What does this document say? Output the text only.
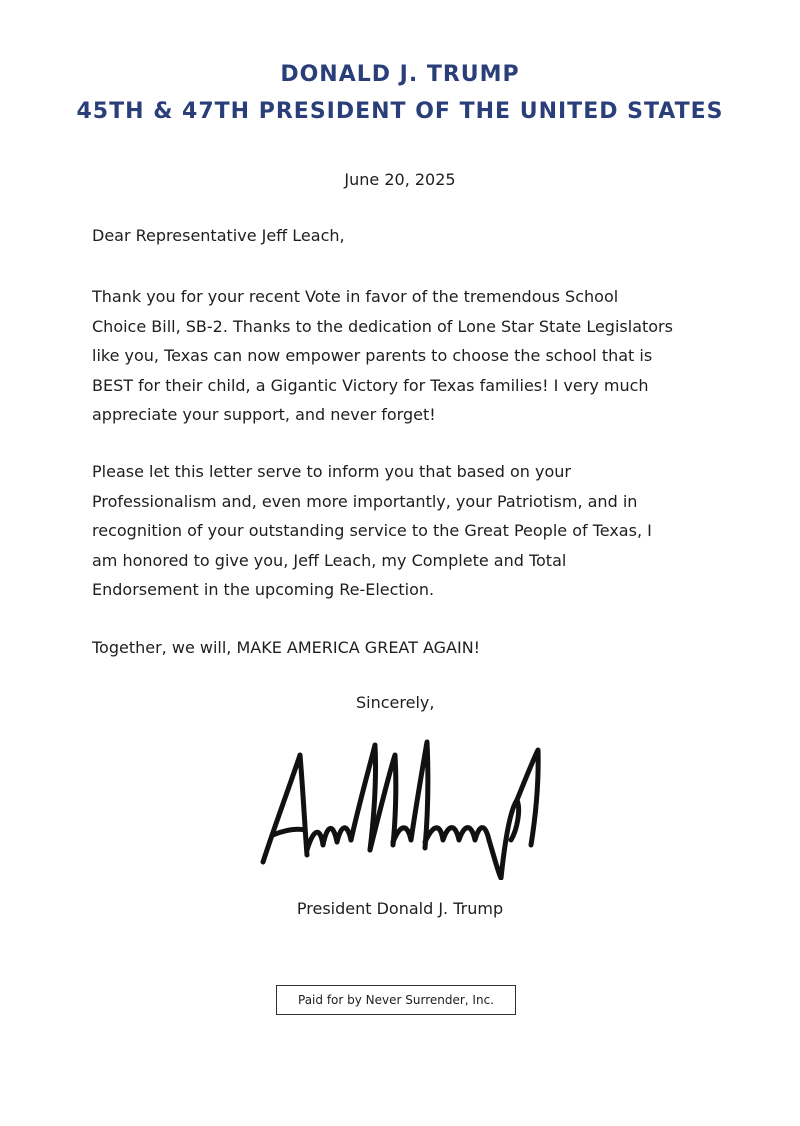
DONALD J. TRUMP
45TH & 47TH PRESIDENT OF THE UNITED STATES
June 20, 2025
Dear Representative Jeff Leach,

Thank you for your recent Vote in favor of the tremendous School
Choice Bill, SB-2. Thanks to the dedication of Lone Star State Legislators
like you, Texas can now empower parents to choose the school that is
BEST for their child, a Gigantic Victory for Texas families! I very much
appreciate your support, and never forget!

Please let this letter serve to inform you that based on your
Professionalism and, even more importantly, your Patriotism, and in
recognition of your outstanding service to the Great People of Texas, I
am honored to give you, Jeff Leach, my Complete and Total
Endorsement in the upcoming Re-Election.

Together, we will, MAKE AMERICA GREAT AGAIN!

Sincerely,
President Donald J. Trump
Paid for by Never Surrender, Inc.
